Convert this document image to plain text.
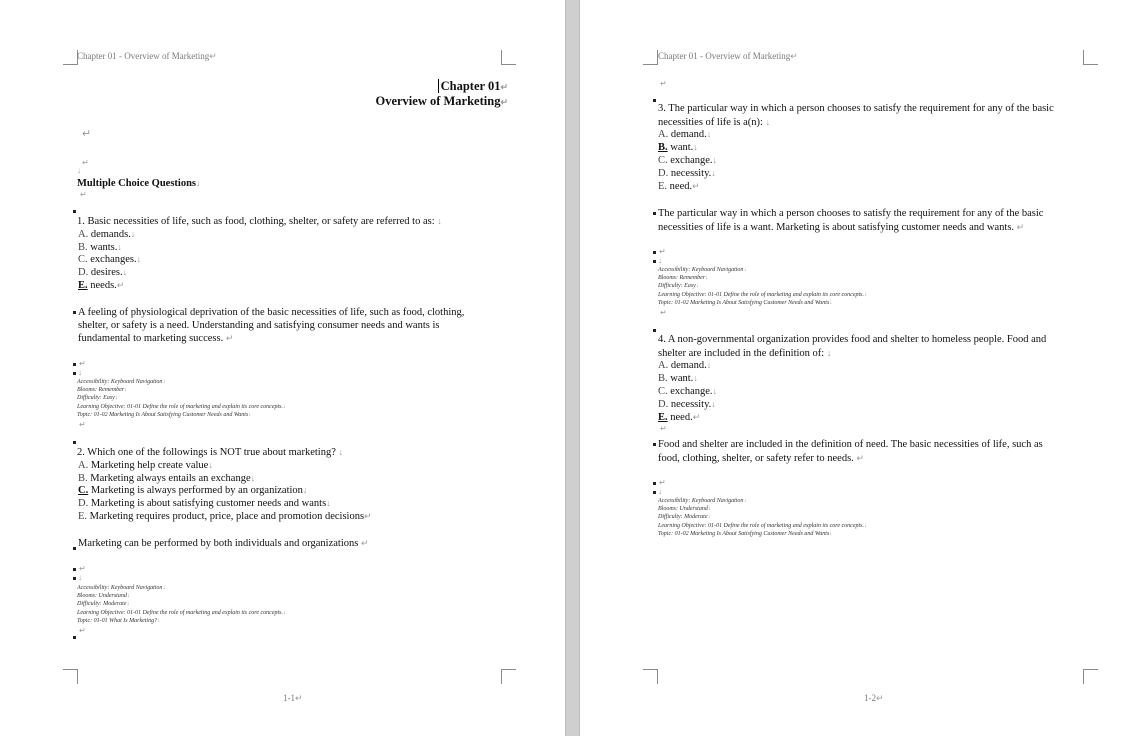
Chapter 01 - Overview of Marketing↵
Chapter 01↵
Overview of Marketing↵
↵
↵
↓
Multiple Choice Questions↓
↵
1. Basic necessities of life, such as food, clothing, shelter, or safety are referred to as: ↓
A. demands.↓
B. wants.↓
C. exchanges.↓
D. desires.↓
E. needs.↵
A feeling of physiological deprivation of the basic necessities of life, such as food, clothing,
shelter, or safety is a need. Understanding and satisfying consumer needs and wants is
fundamental to marketing success. ↵
↵
↓
Accessibility: Keyboard Navigation↓
Blooms: Remember↓
Difficulty: Easy↓
Learning Objective: 01-01 Define the role of marketing and explain its core concepts.↓
Topic: 01-02 Marketing Is About Satisfying Customer Needs and Wants↓
↵
2. Which one of the followings is NOT true about marketing? ↓
A. Marketing help create value↓
B. Marketing always entails an exchange↓
C. Marketing is always performed by an organization↓
D. Marketing is about satisfying customer needs and wants↓
E. Marketing requires product, price, place and promotion decisions↵
Marketing can be performed by both individuals and organizations ↵
↵
↓
Accessibility: Keyboard Navigation↓
Blooms: Understand↓
Difficulty: Moderate↓
Learning Objective: 01-01 Define the role of marketing and explain its core concepts.↓
Topic: 01-01 What Is Marketing?↓
↵
1-1↵
Chapter 01 - Overview of Marketing↵
↵
3. The particular way in which a person chooses to satisfy the requirement for any of the basic
necessities of life is a(n): ↓
A. demand.↓
B. want.↓
C. exchange.↓
D. necessity.↓
E. need.↵
The particular way in which a person chooses to satisfy the requirement for any of the basic
necessities of life is a want. Marketing is about satisfying customer needs and wants. ↵
↵
↓
Accessibility: Keyboard Navigation↓
Blooms: Remember↓
Difficulty: Easy↓
Learning Objective: 01-01 Define the role of marketing and explain its core concepts.↓
Topic: 01-02 Marketing Is About Satisfying Customer Needs and Wants↓
↵
4. A non-governmental organization provides food and shelter to homeless people. Food and
shelter are included in the definition of: ↓
A. demand.↓
B. want.↓
C. exchange.↓
D. necessity.↓
E. need.↵
↵
Food and shelter are included in the definition of need. The basic necessities of life, such as
food, clothing, shelter, or safety refer to needs. ↵
↵
↓
Accessibility: Keyboard Navigation↓
Blooms: Understand↓
Difficulty: Moderate↓
Learning Objective: 01-01 Define the role of marketing and explain its core concepts.↓
Topic: 01-02 Marketing Is About Satisfying Customer Needs and Wants↓
1-2↵
